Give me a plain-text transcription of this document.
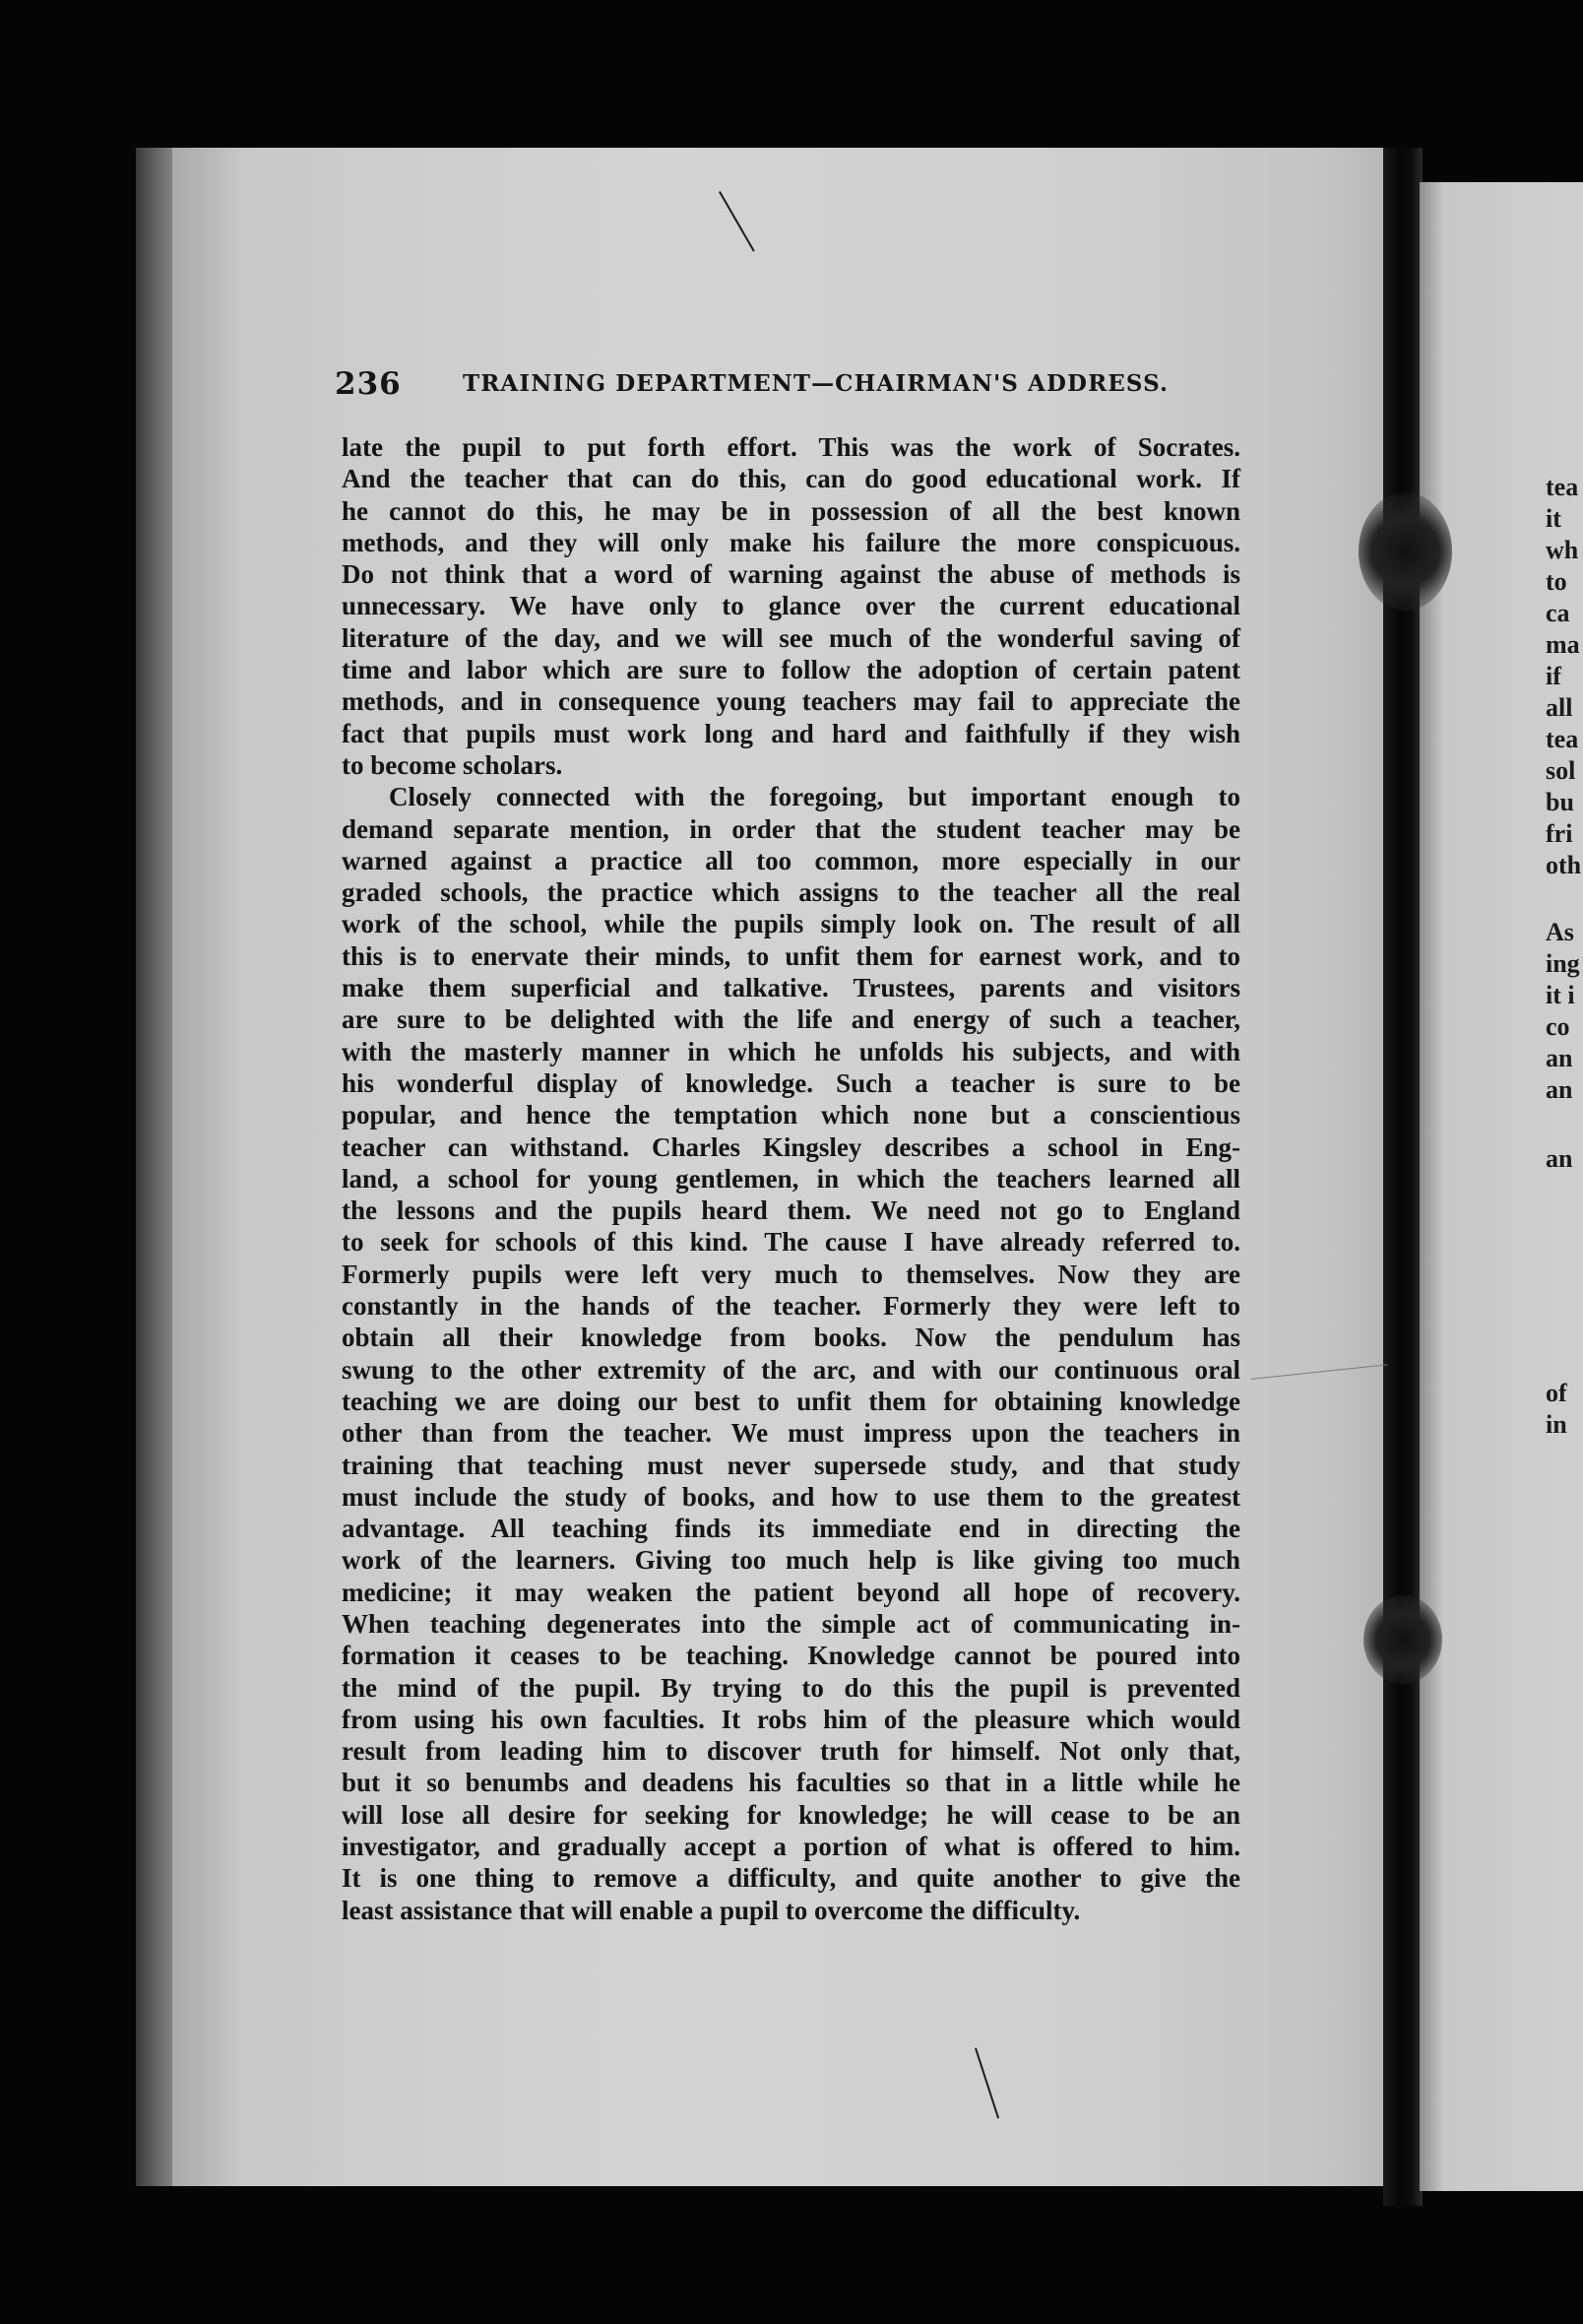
236	TRAINING DEPARTMENT—CHAIRMAN'S ADDRESS.
late the pupil to put forth effort. This was the work of Socrates.
And the teacher that can do this, can do good educational work. If
he cannot do this, he may be in possession of all the best known
methods, and they will only make his failure the more conspicuous.
Do not think that a word of warning against the abuse of methods is
unnecessary. We have only to glance over the current educational
literature of the day, and we will see much of the wonderful saving of
time and labor which are sure to follow the adoption of certain patent
methods, and in consequence young teachers may fail to appreciate the
fact that pupils must work long and hard and faithfully if they wish
to become scholars.
Closely connected with the foregoing, but important enough to
demand separate mention, in order that the student teacher may be
warned against a practice all too common, more especially in our
graded schools, the practice which assigns to the teacher all the real
work of the school, while the pupils simply look on. The result of all
this is to enervate their minds, to unfit them for earnest work, and to
make them superficial and talkative. Trustees, parents and visitors
are sure to be delighted with the life and energy of such a teacher,
with the masterly manner in which he unfolds his subjects, and with
his wonderful display of knowledge. Such a teacher is sure to be
popular, and hence the temptation which none but a conscientious
teacher can withstand. Charles Kingsley describes a school in Eng-
land, a school for young gentlemen, in which the teachers learned all
the lessons and the pupils heard them. We need not go to England
to seek for schools of this kind. The cause I have already referred to.
Formerly pupils were left very much to themselves. Now they are
constantly in the hands of the teacher. Formerly they were left to
obtain all their knowledge from books. Now the pendulum has
swung to the other extremity of the arc, and with our continuous oral
teaching we are doing our best to unfit them for obtaining knowledge
other than from the teacher. We must impress upon the teachers in
training that teaching must never supersede study, and that study
must include the study of books, and how to use them to the greatest
advantage. All teaching finds its immediate end in directing the
work of the learners. Giving too much help is like giving too much
medicine; it may weaken the patient beyond all hope of recovery.
When teaching degenerates into the simple act of communicating in-
formation it ceases to be teaching. Knowledge cannot be poured into
the mind of the pupil. By trying to do this the pupil is prevented
from using his own faculties. It robs him of the pleasure which would
result from leading him to discover truth for himself. Not only that,
but it so benumbs and deadens his faculties so that in a little while he
will lose all desire for seeking for knowledge; he will cease to be an
investigator, and gradually accept a portion of what is offered to him.
It is one thing to remove a difficulty, and quite another to give the
least assistance that will enable a pupil to overcome the difficulty.
tea
it
wh
to
ca
ma
if
all
tea
sol
bu
fri
oth
As
ing
it i
co
an
an
an
of
in
